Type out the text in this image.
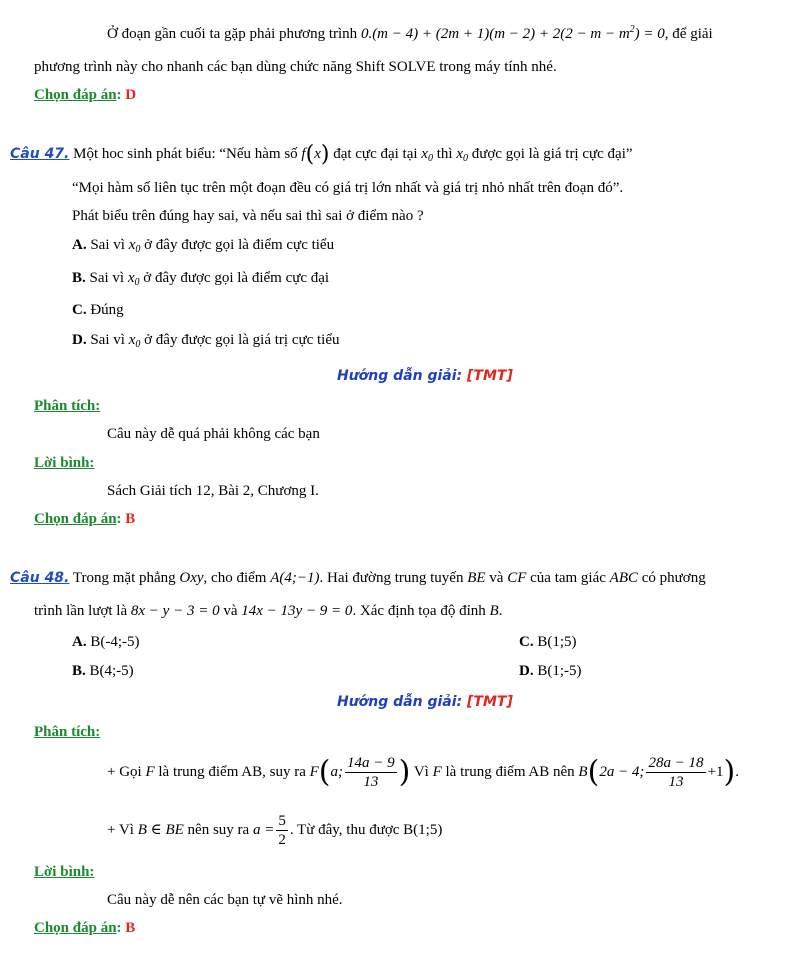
Ở đoạn gần cuối ta gặp phải phương trình $0.(m - 4) + (2m + 1)(m - 2) + 2(2 - m - m^2) = 0$, để giải
phương trình này cho nhanh các bạn dùng chức năng Shift SOLVE trong máy tính nhé.
Chọn đáp án: D
Câu 47. Một hoc sinh phát biểu: “Nếu hàm số f(x) đạt cực đại tại $x_0$ thì $x_0$ được gọi là giá trị cực đại”
“Mọi hàm số liên tục trên một đoạn đều có giá trị lớn nhất và giá trị nhỏ nhất trên đoạn đó”.
Phát biểu trên đúng hay sai, và nếu sai thì sai ở điểm nào ?
A. Sai vì $x_0$ ở đây được gọi là điểm cực tiểu
B. Sai vì $x_0$ ở đây được gọi là điểm cực đại
C. Đúng
D. Sai vì $x_0$ ở đây được gọi là giá trị cực tiểu
Hướng dẫn giải: [TMT]
Phân tích:
Câu này dễ quá phải không các bạn
Lời bình:
Sách Giải tích 12, Bài 2, Chương I.
Chọn đáp án: B
Câu 48. Trong mặt phẳng Oxy, cho điểm A(4;−1). Hai đường trung tuyến BE và CF của tam giác ABC có phương
trình lần lượt là 8x − y − 3 = 0 và 14x − 13y − 9 = 0. Xác định tọa độ đỉnh B.
A. B(-4;-5)	C. B(1;5)
B. B(4;-5)	D. B(1;-5)
Hướng dẫn giải: [TMT]
Phân tích:
+ Gọi F là trung điểm AB, suy ra F(a; $\frac{14a - 9}{13}$ ) Vì F là trung điểm AB nên B(2a − 4; $\frac{28a - 18}{13} +1$).
+ Vì B ∈ BE nên suy ra $a = \frac{5}{2}$ . Từ đây, thu được B(1;5)
Lời bình:
Câu này dễ nên các bạn tự vẽ hình nhé.
Chọn đáp án: B
